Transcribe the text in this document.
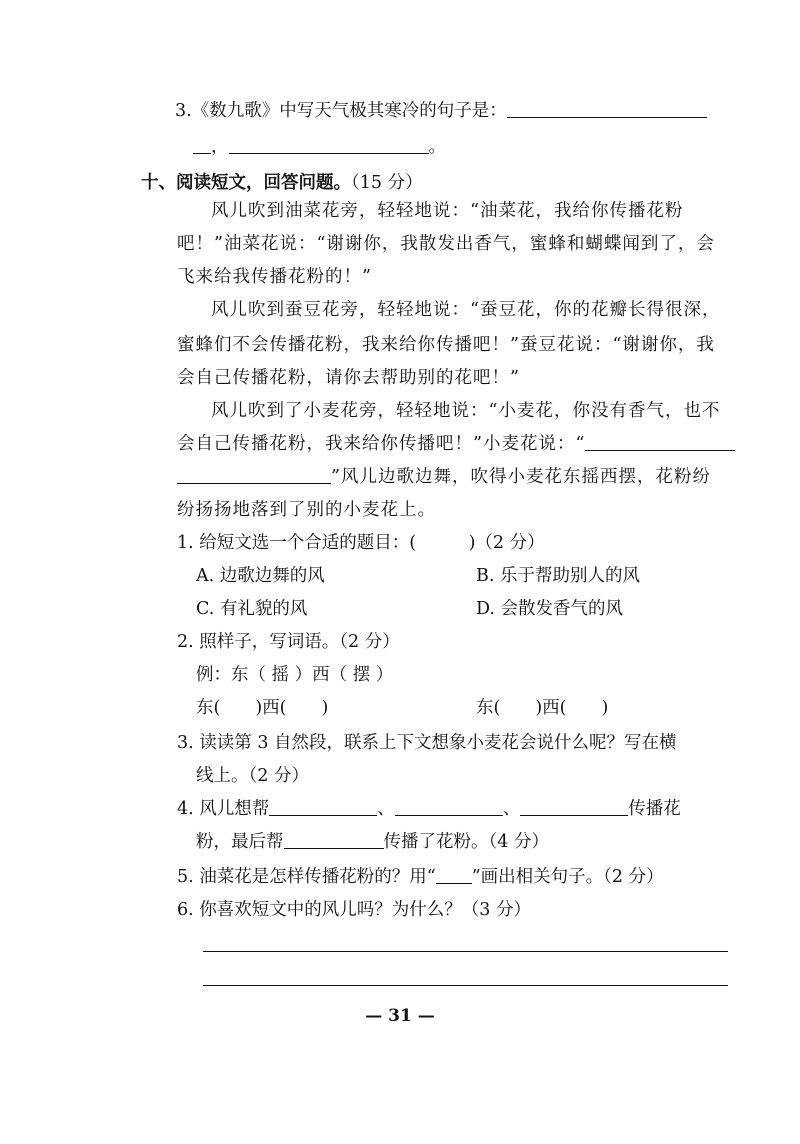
3.《数九歌》中写天气极其寒冷的句子是：
，	。
十、阅读短文，回答问题。（15 分）
风儿吹到油菜花旁，轻轻地说：“油菜花，我给你传播花粉
吧！”油菜花说：“谢谢你，我散发出香气，蜜蜂和蝴蝶闻到了，会
飞来给我传播花粉的！”
风儿吹到蚕豆花旁，轻轻地说：“蚕豆花，你的花瓣长得很深，
蜜蜂们不会传播花粉，我来给你传播吧！”蚕豆花说：“谢谢你，我
会自己传播花粉，请你去帮助别的花吧！”
风儿吹到了小麦花旁，轻轻地说：“小麦花，你没有香气，也不
会自己传播花粉，我来给你传播吧！”小麦花说：“
”风儿边歌边舞，吹得小麦花东摇西摆，花粉纷
纷扬扬地落到了别的小麦花上。
1. 给短文选一个合适的题目：(　　　)（2 分）
A. 边歌边舞的风	B. 乐于帮助别人的风
C. 有礼貌的风	D. 会散发香气的风
2. 照样子，写词语。（2 分）
例：东（ 摇 ）西（ 摆 ）
东(　　)西(　　)	东(　　)西(　　)
3. 读读第 3 自然段，联系上下文想象小麦花会说什么呢？写在横
线上。（2 分）
4. 风儿想帮	、	、	传播花
粉，最后帮	传播了花粉。（4 分）
5. 油菜花是怎样传播花粉的？用“ ”画出相关句子。（2 分）
6. 你喜欢短文中的风儿吗？为什么？（3 分）
— 31 —
